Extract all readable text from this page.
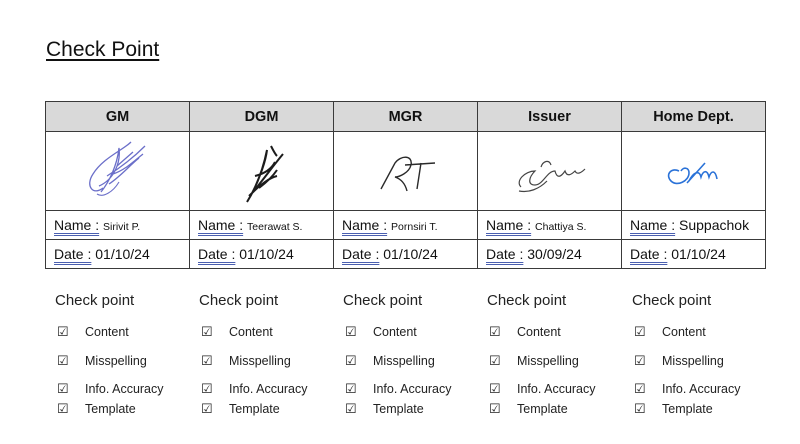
Check Point
GM	DGM	MGR	Issuer	Home Dept.

Name : Sirivit P.	Name : Teerawat S.	Name : Pornsiri T.	Name : Chattiya S.	Name : Suppachok
Date : 01/10/24	Date : 01/10/24	Date : 01/10/24	Date : 30/09/24	Date : 01/10/24
Check point
☑ Content
☑ Misspelling
☑ Info. Accuracy
☑ Template
Check point
☑ Content
☑ Misspelling
☑ Info. Accuracy
☑ Template
Check point
☑ Content
☑ Misspelling
☑ Info. Accuracy
☑ Template
Check point
☑ Content
☑ Misspelling
☑ Info. Accuracy
☑ Template
Check point
☑ Content
☑ Misspelling
☑ Info. Accuracy
☑ Template
